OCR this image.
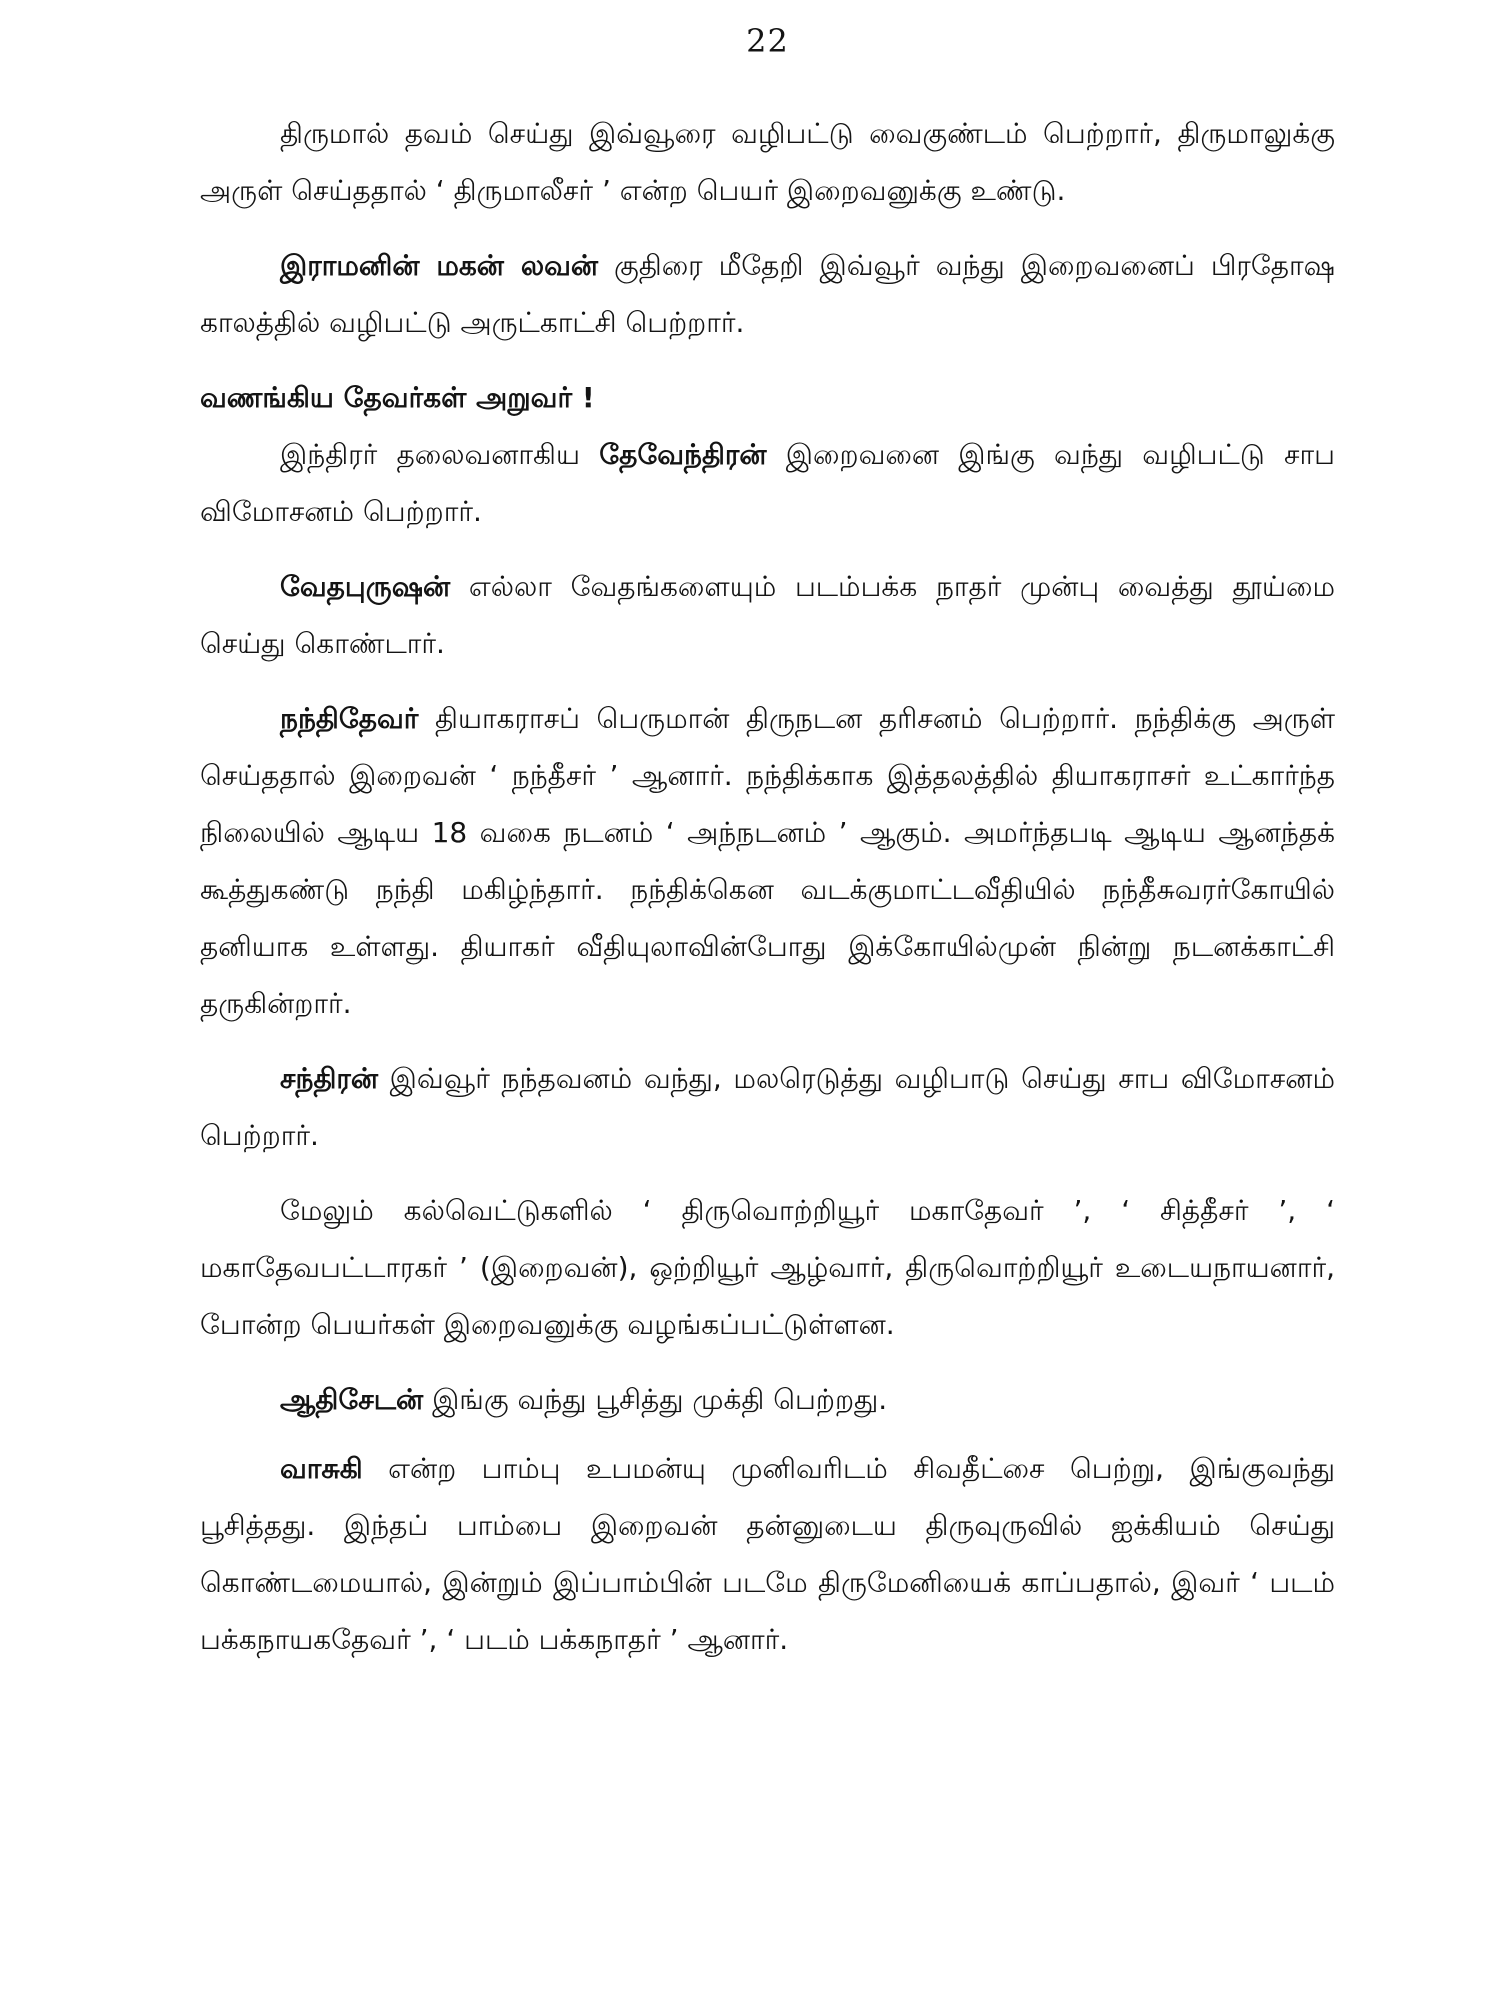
22

திருமால் தவம் செய்து இவ்வூரை வழிபட்டு வைகுண்டம் பெற்றார், திருமாலுக்கு அருள் செய்ததால் ‘ திருமாலீசர் ’ என்ற பெயர் இறைவனுக்கு உண்டு.

இராமனின் மகன் லவன் குதிரை மீதேறி இவ்வூர் வந்து இறைவனைப் பிரதோஷ காலத்தில் வழிபட்டு அருட்காட்சி பெற்றார்.

வணங்கிய தேவர்கள் அறுவர் !

இந்திரர் தலைவனாகிய தேவேந்திரன் இறைவனை இங்கு வந்து வழிபட்டு சாப விமோசனம் பெற்றார்.

வேதபுருஷன் எல்லா வேதங்களையும் படம்பக்க நாதர் முன்பு வைத்து தூய்மை செய்து கொண்டார்.

நந்திதேவர் தியாகராசப் பெருமான் திருநடன தரிசனம் பெற்றார். நந்திக்கு அருள் செய்ததால் இறைவன் ‘ நந்தீசர் ’ ஆனார். நந்திக்காக இத்தலத்தில் தியாகராசர் உட்கார்ந்த நிலையில் ஆடிய 18 வகை நடனம் ‘ அந்நடனம் ’ ஆகும். அமர்ந்தபடி ஆடிய ஆனந்தக் கூத்துகண்டு நந்தி மகிழ்ந்தார். நந்திக்கென வடக்குமாட்டவீதியில் நந்தீசுவரர்கோயில் தனியாக உள்ளது. தியாகர் வீதியுலாவின்போது இக்கோயில்முன் நின்று நடனக்காட்சி தருகின்றார்.

சந்திரன் இவ்வூர் நந்தவனம் வந்து, மலரெடுத்து வழிபாடு செய்து சாப விமோசனம் பெற்றார்.

மேலும் கல்வெட்டுகளில் ‘ திருவொற்றியூர் மகாதேவர் ’, ‘ சித்தீசர் ’, ‘ மகாதேவபட்டாரகர் ’ (இறைவன்), ஒற்றியூர் ஆழ்வார், திருவொற்றியூர் உடையநாயனார், போன்ற பெயர்கள் இறைவனுக்கு வழங்கப்பட்டுள்ளன.

ஆதிசேடன் இங்கு வந்து பூசித்து முக்தி பெற்றது.

வாசுகி என்ற பாம்பு உபமன்யு முனிவரிடம் சிவதீட்சை பெற்று, இங்குவந்து பூசித்தது. இந்தப் பாம்பை இறைவன் தன்னுடைய திருவுருவில் ஐக்கியம் செய்து கொண்டமையால், இன்றும் இப்பாம்பின் படமே திருமேனியைக் காப்பதால், இவர் ‘ படம் பக்கநாயகதேவர் ’, ‘ படம் பக்கநாதர் ’ ஆனார்.
